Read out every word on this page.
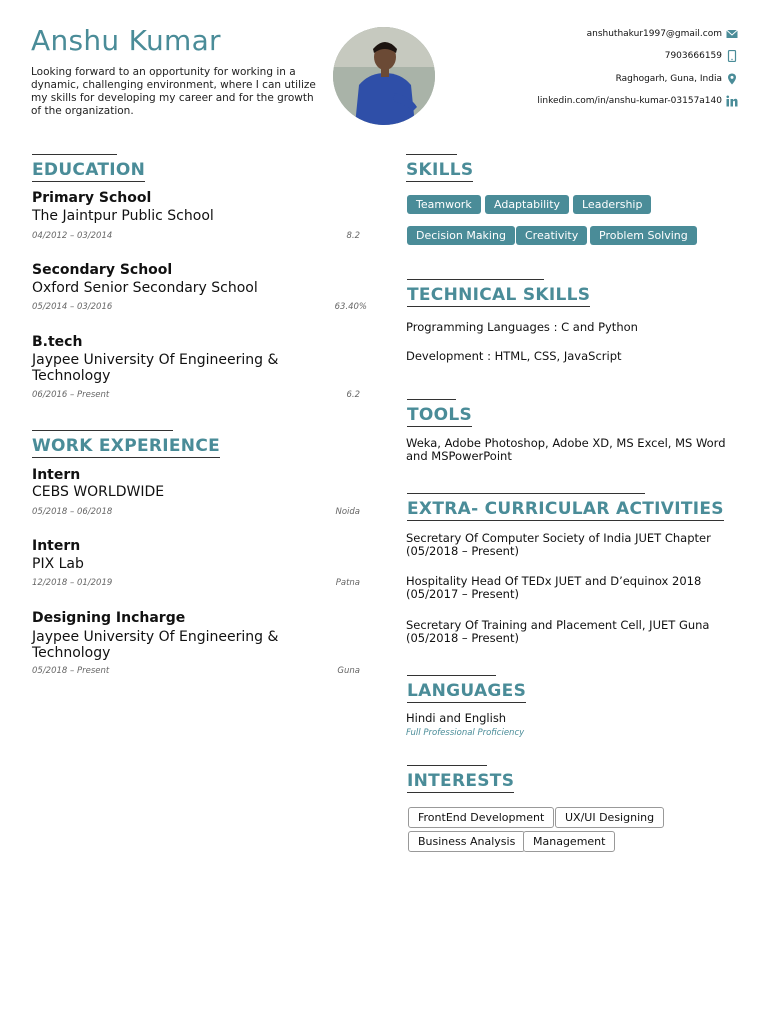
Anshu Kumar
Looking forward to an opportunity for working in a dynamic, challenging environment, where I can utilize my skills for developing my career and for the growth of the organization.
anshuthakur1997@gmail.com
7903666159
Raghogarh, Guna, India
linkedin.com/in/anshu-kumar-03157a140
EDUCATION
Primary School
The Jaintpur Public School
04/2012 – 03/2014	8.2
Secondary School
Oxford Senior Secondary School
05/2014 – 03/2016	63.40%
B.tech
Jaypee University Of Engineering & Technology
06/2016 – Present	6.2
WORK EXPERIENCE
Intern
CEBS WORLDWIDE
05/2018 – 06/2018	Noida
Intern
PIX Lab
12/2018 – 01/2019	Patna
Designing Incharge
Jaypee University Of Engineering & Technology
05/2018 – Present	Guna
SKILLS
Teamwork	Adaptability	Leadership
Decision Making	Creativity	Problem Solving
TECHNICAL SKILLS
Programming Languages : C and Python
Development : HTML, CSS, JavaScript
TOOLS
Weka, Adobe Photoshop, Adobe XD, MS Excel, MS Word and MSPowerPoint
EXTRA- CURRICULAR ACTIVITIES
Secretary Of Computer Society of India JUET Chapter
(05/2018 – Present)
Hospitality Head Of TEDx JUET and D’equinox 2018
(05/2017 – Present)
Secretary Of Training and Placement Cell, JUET Guna
(05/2018 – Present)
LANGUAGES
Hindi and English
Full Professional Proficiency
INTERESTS
FrontEnd Development	UX/UI Designing
Business Analysis	Management
